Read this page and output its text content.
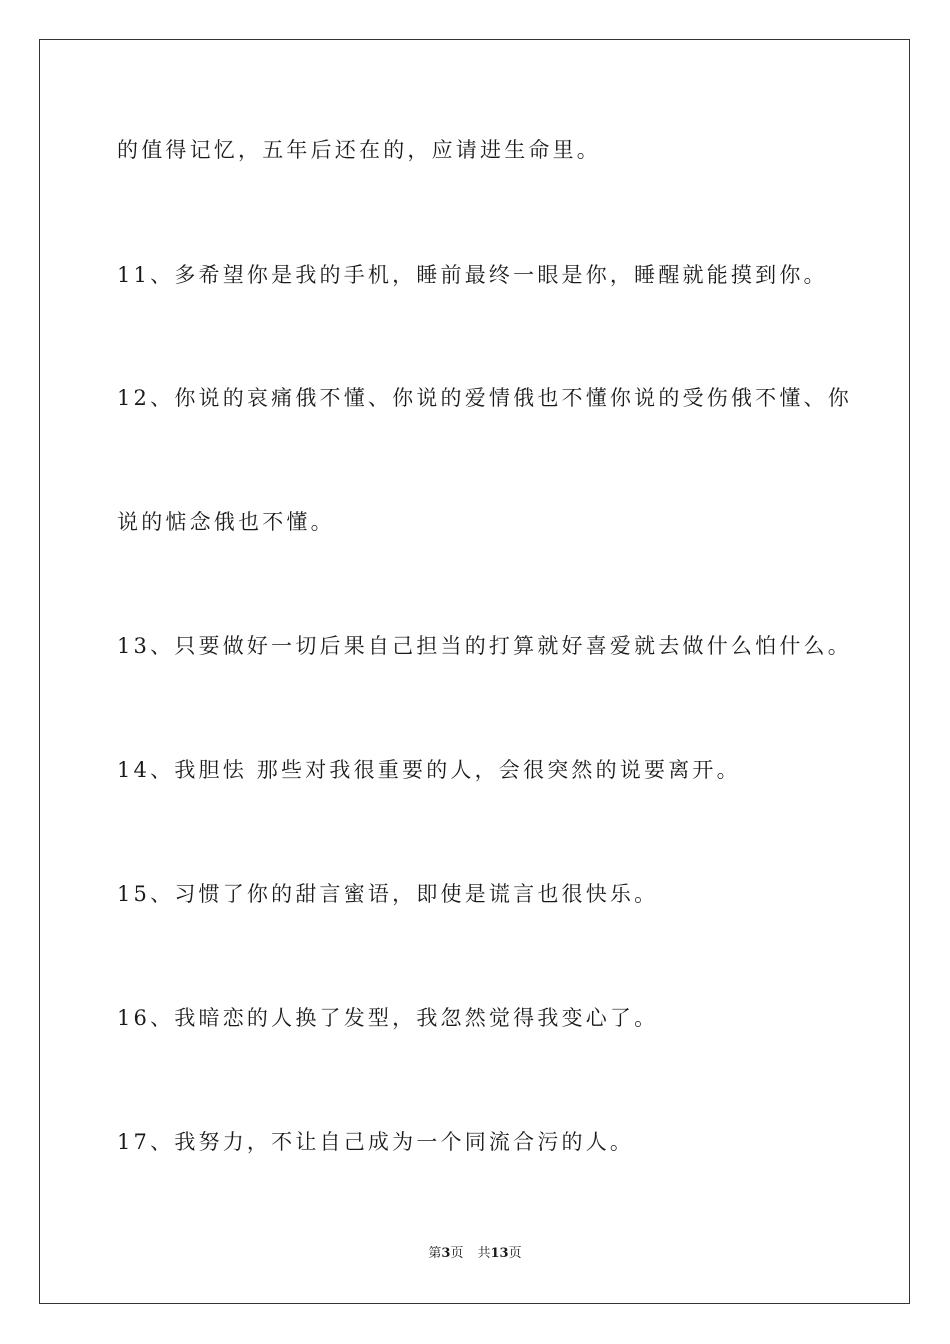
的值得记忆，五年后还在的，应请进生命里。
11、多希望你是我的手机，睡前最终一眼是你，睡醒就能摸到你。
12、你说的哀痛俄不懂、你说的爱情俄也不懂你说的受伤俄不懂、你
说的惦念俄也不懂。
13、只要做好一切后果自己担当的打算就好喜爱就去做什么怕什么。
14、我胆怯 那些对我很重要的人，会很突然的说要离开。
15、习惯了你的甜言蜜语，即使是谎言也很快乐。
16、我暗恋的人换了发型，我忽然觉得我变心了。
17、我努力，不让自己成为一个同流合污的人。
第3页 共13页
